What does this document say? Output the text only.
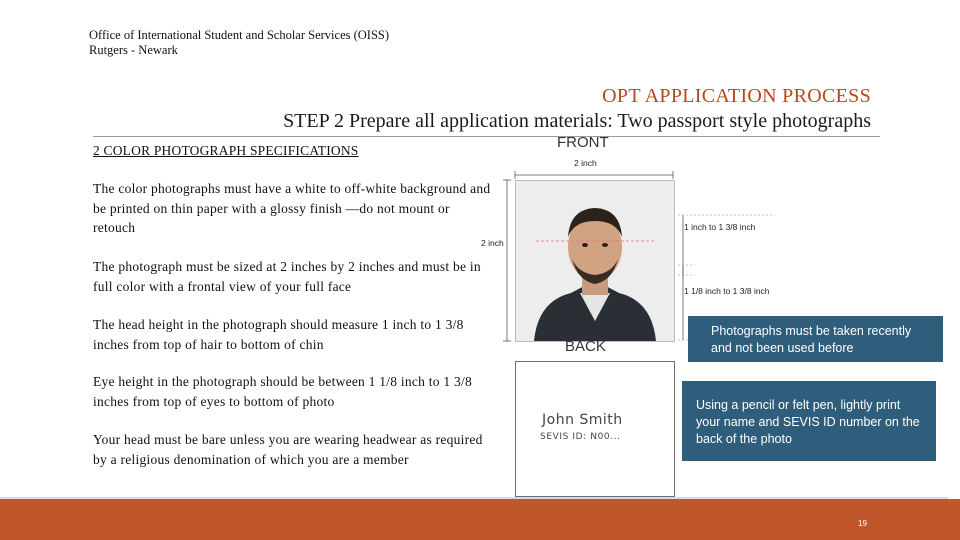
Office of International Student and Scholar Services (OISS)
Rutgers - Newark
OPT APPLICATION PROCESS
STEP 2 Prepare all application materials: Two passport style photographs
2 COLOR PHOTOGRAPH SPECIFICATIONS
The color photographs must have a white to off-white background and be printed on thin paper with a glossy finish —do not mount or retouch
The photograph must be sized at 2 inches by 2 inches and must be in full color with a frontal view of your full face
The head height in the photograph should measure 1 inch to 1 3/8 inches from top of hair to bottom of chin
Eye height in the photograph should be between 1 1/8 inch to 1 3/8 inches from top of eyes to bottom of photo
Your head must be bare unless you are wearing headwear as required by a religious denomination of which you are a member
FRONT
2 inch
2 inch
1 inch to 1 3/8 inch
1 1/8 inch to 1 3/8 inch
BACK
John Smith
SEVIS ID: N00...
Photographs must be taken recently and not been used before
Using a pencil or felt pen, lightly print your name and SEVIS ID number on the back of the photo
19
